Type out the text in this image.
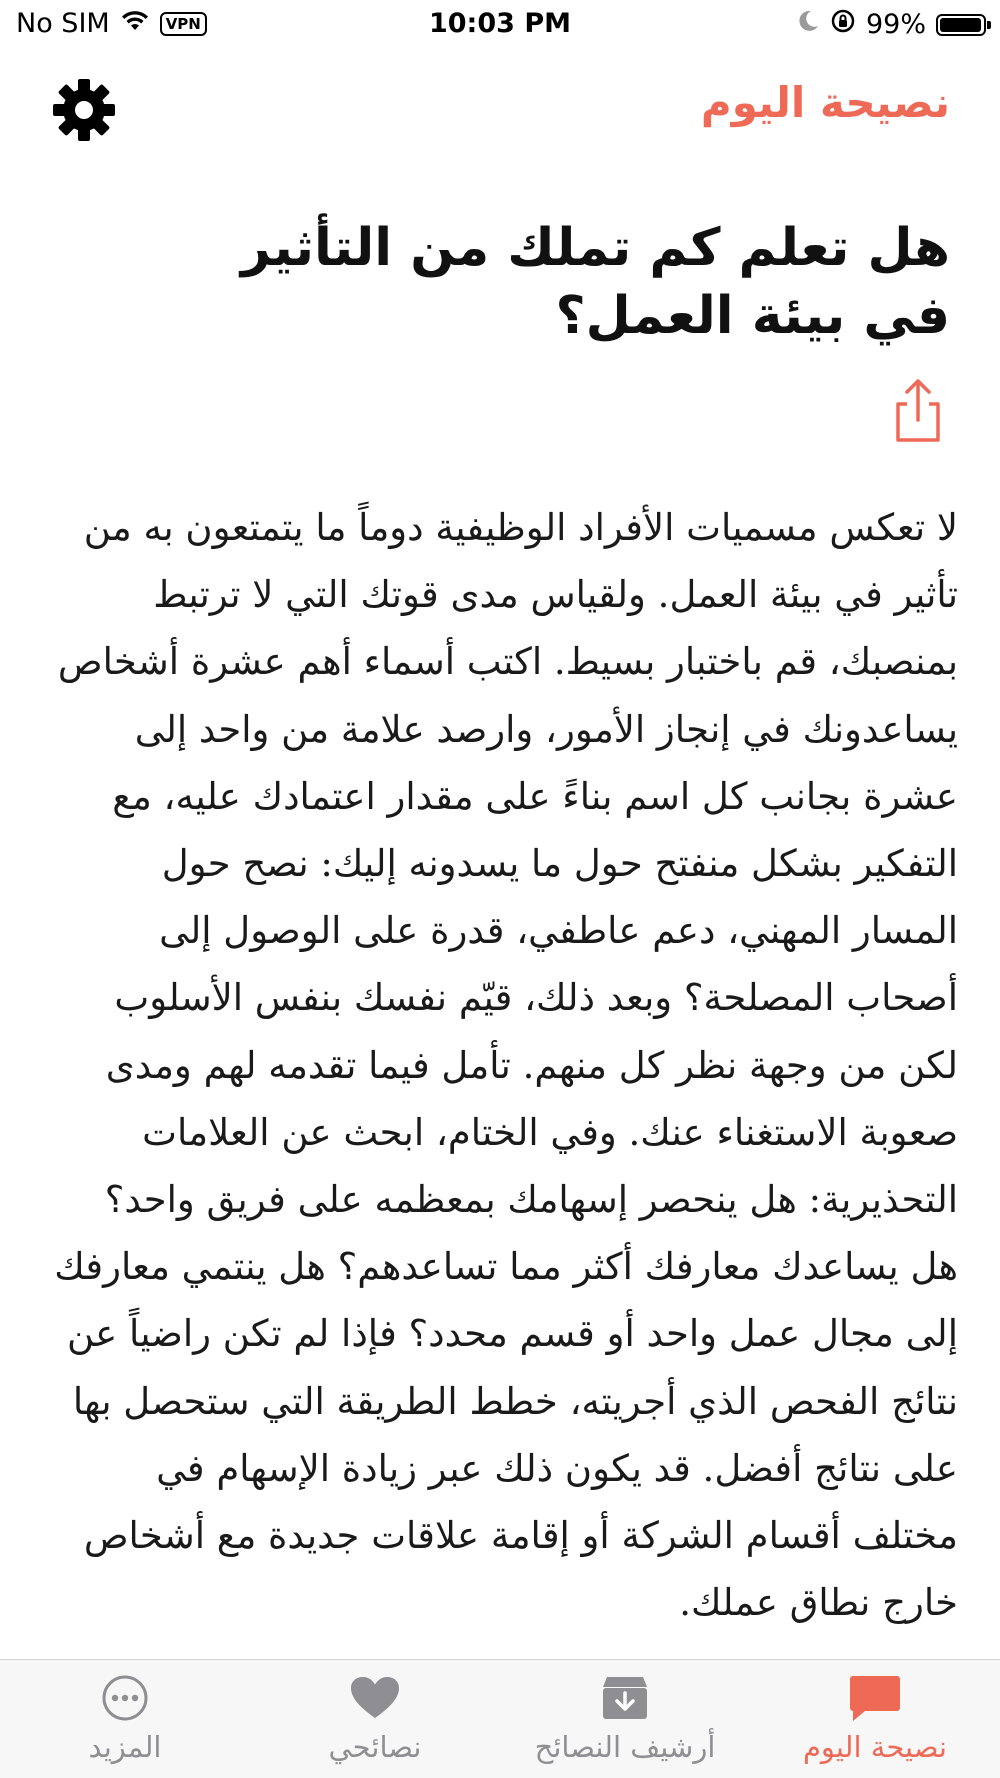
No SIM	VPN	10:03 PM	99%
نصيحة اليوم
هل تعلم كم تملك من التأثير في بيئة العمل؟
لا تعكس مسميات الأفراد الوظيفية دوماً ما يتمتعون به من تأثير في بيئة العمل. ولقياس مدى قوتك التي لا ترتبط بمنصبك، قم باختبار بسيط. اكتب أسماء أهم عشرة أشخاص يساعدونك في إنجاز الأمور، وارصد علامة من واحد إلى عشرة بجانب كل اسم بناءً على مقدار اعتمادك عليه، مع التفكير بشكل منفتح حول ما يسدونه إليك: نصح حول المسار المهني، دعم عاطفي، قدرة على الوصول إلى أصحاب المصلحة؟ وبعد ذلك، قيّم نفسك بنفس الأسلوب لكن من وجهة نظر كل منهم. تأمل فيما تقدمه لهم ومدى صعوبة الاستغناء عنك. وفي الختام، ابحث عن العلامات التحذيرية: هل ينحصر إسهامك بمعظمه على فريق واحد؟ هل يساعدك معارفك أكثر مما تساعدهم؟ هل ينتمي معارفك إلى مجال عمل واحد أو قسم محدد؟ فإذا لم تكن راضياً عن نتائج الفحص الذي أجريته، خطط الطريقة التي ستحصل بها على نتائج أفضل. قد يكون ذلك عبر زيادة الإسهام في مختلف أقسام الشركة أو إقامة علاقات جديدة مع أشخاص خارج نطاق عملك.
المزيد	نصائحي	أرشيف النصائح	نصيحة اليوم
